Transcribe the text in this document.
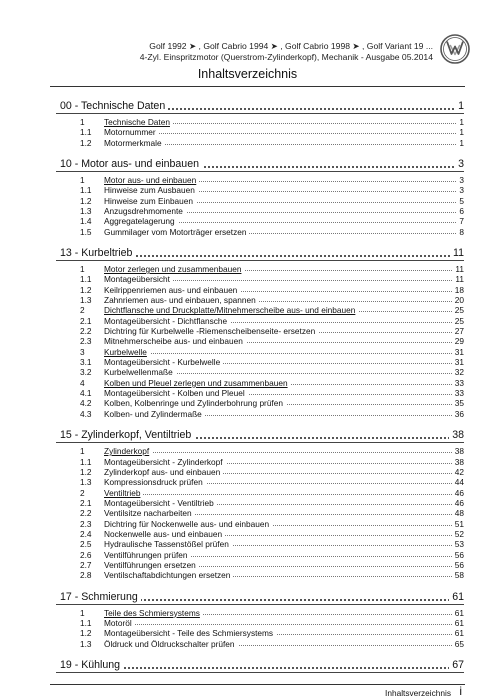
Golf 1992 ➤ , Golf Cabrio 1994 ➤ , Golf Cabrio 1998 ➤ , Golf Variant 19 ...
4-Zyl. Einspritzmotor (Querstrom-Zylinderkopf), Mechanik - Ausgabe 05.2014
Inhaltsverzeichnis
00 - Technische Daten	1
1 Technische Daten	1
1.1 Motornummer	1
1.2 Motormerkmale	1
10 - Motor aus- und einbauen	3
1 Motor aus- und einbauen	3
1.1 Hinweise zum Ausbauen	3
1.2 Hinweise zum Einbauen	5
1.3 Anzugsdrehmomente	6
1.4 Aggregatelagerung	7
1.5 Gummilager vom Motorträger ersetzen	8
13 - Kurbeltrieb	11
1 Motor zerlegen und zusammenbauen	11
1.1 Montageübersicht	11
1.2 Keilrippenriemen aus- und einbauen	18
1.3 Zahnriemen aus- und einbauen, spannen	20
2 Dichtflansche und Druckplatte/Mitnehmerscheibe aus- und einbauen	25
2.1 Montageübersicht - Dichtflansche	25
2.2 Dichtring für Kurbelwelle -Riemenscheibenseite- ersetzen	27
2.3 Mitnehmerscheibe aus- und einbauen	29
3 Kurbelwelle	31
3.1 Montageübersicht - Kurbelwelle	31
3.2 Kurbelwellenmaße	32
4 Kolben und Pleuel zerlegen und zusammenbauen	33
4.1 Montageübersicht - Kolben und Pleuel	33
4.2 Kolben, Kolbenringe und Zylinderbohrung prüfen	35
4.3 Kolben- und Zylindermaße	36
15 - Zylinderkopf, Ventiltrieb	38
1 Zylinderkopf	38
1.1 Montageübersicht - Zylinderkopf	38
1.2 Zylinderkopf aus- und einbauen	42
1.3 Kompressionsdruck prüfen	44
2 Ventiltrieb	46
2.1 Montageübersicht - Ventiltrieb	46
2.2 Ventilsitze nacharbeiten	48
2.3 Dichtring für Nockenwelle aus- und einbauen	51
2.4 Nockenwelle aus- und einbauen	52
2.5 Hydraulische Tassenstößel prüfen	53
2.6 Ventilführungen prüfen	56
2.7 Ventilführungen ersetzen	56
2.8 Ventilschaftabdichtungen ersetzen	58
17 - Schmierung	61
1 Teile des Schmiersystems	61
1.1 Motoröl	61
1.2 Montageübersicht - Teile des Schmiersystems	61
1.3 Öldruck und Öldruckschalter prüfen	65
19 - Kühlung	67
Inhaltsverzeichnis i
